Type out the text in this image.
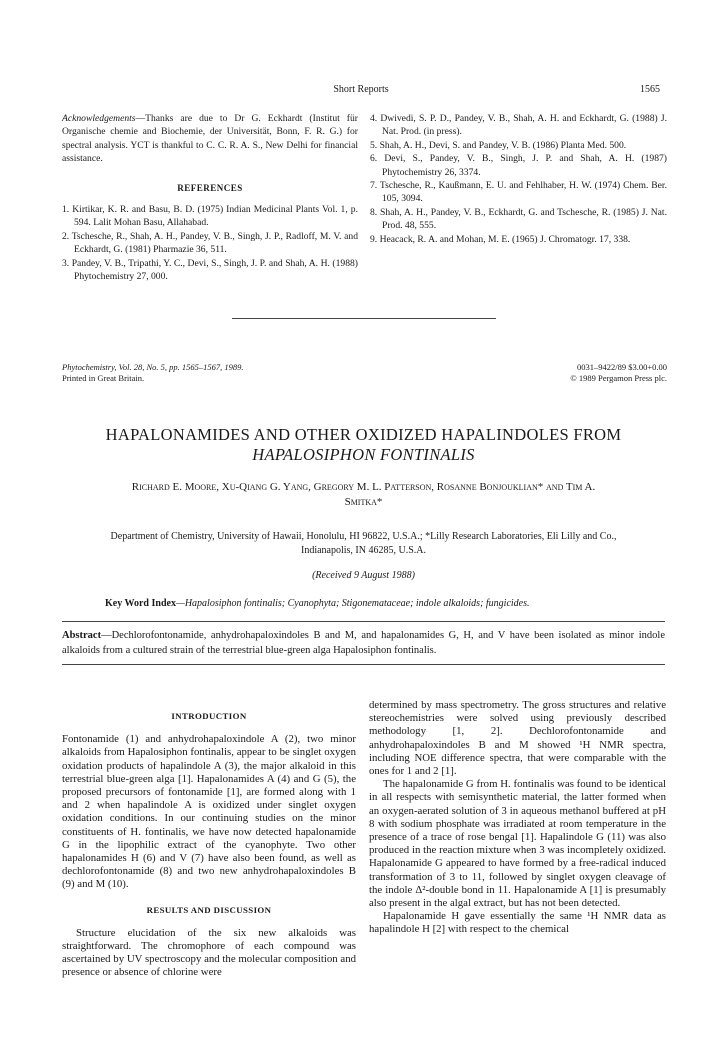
Short Reports	1565

Acknowledgements—Thanks are due to Dr G. Eckhardt (Institut für Organische chemie and Biochemie, der Universität, Bonn, F. R. G.) for spectral analysis. YCT is thankful to C. C. R. A. S., New Delhi for financial assistance.

REFERENCES

1. Kirtikar, K. R. and Basu, B. D. (1975) Indian Medicinal Plants Vol. 1, p. 594. Lalit Mohan Basu, Allahabad.

2. Tschesche, R., Shah, A. H., Pandey, V. B., Singh, J. P., Radloff, M. V. and Eckhardt, G. (1981) Pharmazie 36, 511.

3. Pandey, V. B., Tripathi, Y. C., Devi, S., Singh, J. P. and Shah, A. H. (1988) Phytochemistry 27, 000.

4. Dwivedi, S. P. D., Pandey, V. B., Shah, A. H. and Eckhardt, G. (1988) J. Nat. Prod. (in press).

5. Shah, A. H., Devi, S. and Pandey, V. B. (1986) Planta Med. 500.

6. Devi, S., Pandey, V. B., Singh, J. P. and Shah, A. H. (1987) Phytochemistry 26, 3374.

7. Tschesche, R., Kaußmann, E. U. and Fehlhaber, H. W. (1974) Chem. Ber. 105, 3094.

8. Shah, A. H., Pandey, V. B., Eckhardt, G. and Tschesche, R. (1985) J. Nat. Prod. 48, 555.

9. Heacack, R. A. and Mohan, M. E. (1965) J. Chromatogr. 17, 338.

Phytochemistry, Vol. 28, No. 5, pp. 1565–1567, 1989.
Printed in Great Britain.
0031–9422/89 $3.00+0.00
© 1989 Pergamon Press plc.
HAPALONAMIDES AND OTHER OXIDIZED HAPALINDOLES FROM
HAPALOSIPHON FONTINALIS
Richard E. Moore, Xu-Qiang G. Yang, Gregory M. L. Patterson, Rosanne Bonjouklian* and Tim A.
Smitka*
Department of Chemistry, University of Hawaii, Honolulu, HI 96822, U.S.A.; *Lilly Research Laboratories, Eli Lilly and Co.,
Indianapolis, IN 46285, U.S.A.
(Received 9 August 1988)
Key Word Index—Hapalosiphon fontinalis; Cyanophyta; Stigonemataceae; indole alkaloids; fungicides.
Abstract—Dechlorofontonamide, anhydrohapaloxindoles B and M, and hapalonamides G, H, and V have been isolated as minor indole alkaloids from a cultured strain of the terrestrial blue-green alga Hapalosiphon fontinalis.
INTRODUCTION

Fontonamide (1) and anhydrohapaloxindole A (2), two minor alkaloids from Hapalosiphon fontinalis, appear to be singlet oxygen oxidation products of hapalindole A (3), the major alkaloid in this terrestrial blue-green alga [1]. Hapalonamides A (4) and G (5), the proposed precursors of fontonamide [1], are formed along with 1 and 2 when hapalindole A is oxidized under singlet oxygen oxidation conditions. In our continuing studies on the minor constituents of H. fontinalis, we have now detected hapalonamide G in the lipophilic extract of the cyanophyte. Two other hapalonamides H (6) and V (7) have also been found, as well as dechlorofontonamide (8) and two new anhydrohapaloxindoles B (9) and M (10).

RESULTS AND DISCUSSION

Structure elucidation of the six new alkaloids was straightforward. The chromophore of each compound was ascertained by UV spectroscopy and the molecular composition and presence or absence of chlorine were

determined by mass spectrometry. The gross structures and relative stereochemistries were solved using previously described methodology [1, 2]. Dechlorofontonamide and anhydrohapaloxindoles B and M showed ¹H NMR spectra, including NOE difference spectra, that were comparable with the ones for 1 and 2 [1].

The hapalonamide G from H. fontinalis was found to be identical in all respects with semisynthetic material, the latter formed when an oxygen-aerated solution of 3 in aqueous methanol buffered at pH 8 with sodium phosphate was irradiated at room temperature in the presence of a trace of rose bengal [1]. Hapalindole G (11) was also produced in the reaction mixture when 3 was incompletely oxidized. Hapalonamide G appeared to have formed by a free-radical induced transformation of 3 to 11, followed by singlet oxygen cleavage of the indole Δ²-double bond in 11. Hapalonamide A [1] is presumably also present in the algal extract, but has not been detected.

Hapalonamide H gave essentially the same ¹H NMR data as hapalindole H [2] with respect to the chemical
